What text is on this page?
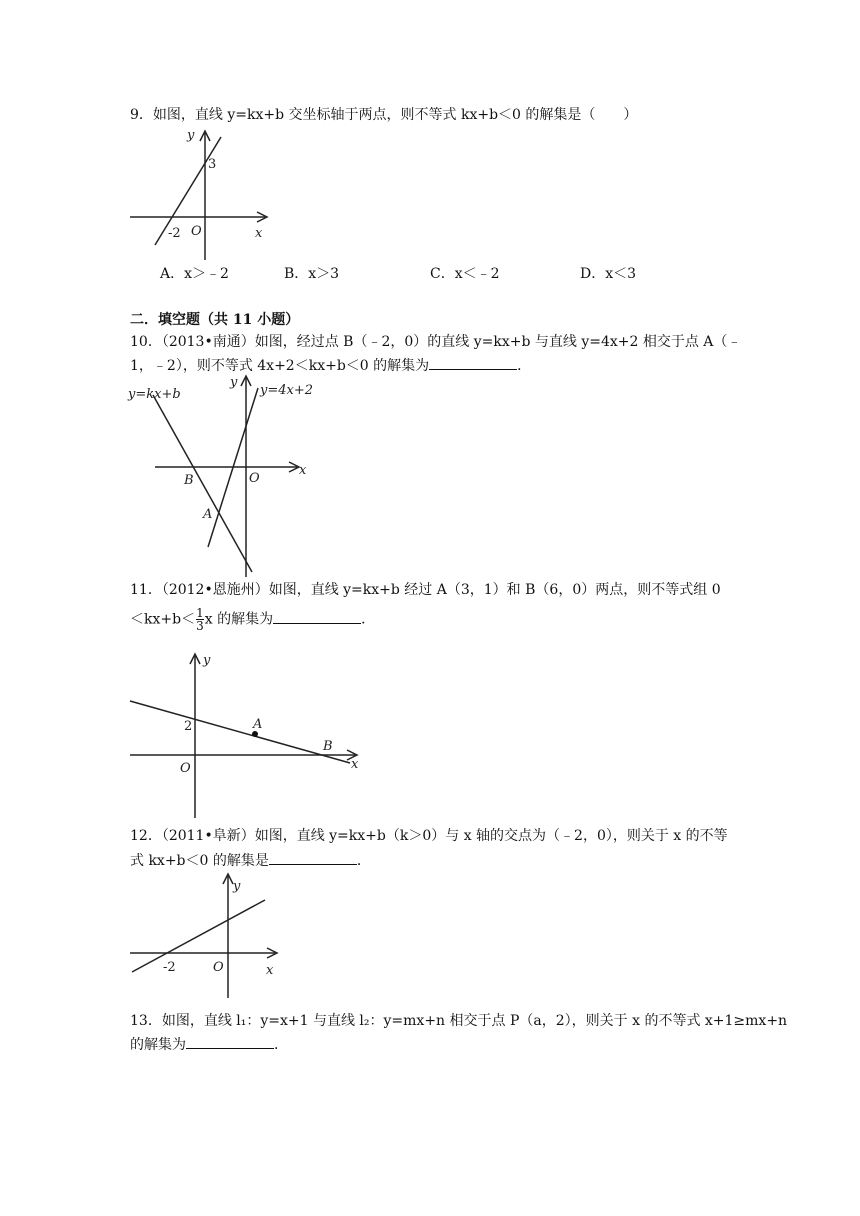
9．如图，直线 y=kx+b 交坐标轴于两点，则不等式 kx+b＜0 的解集是（　　）
y
3
-2 O	x
A．x＞﹣2	B．x＞3	C．x＜﹣2	D．x＜3
二．填空题（共 11 小题）
10．（2013•南通）如图，经过点 B（﹣2，0）的直线 y=kx+b 与直线 y=4x+2 相交于点 A（﹣
1，﹣2），则不等式 4x+2＜kx+b＜0 的解集为	．
y=kx+b	y=4x+2
y
x
O
B
A
11．（2012•恩施州）如图，直线 y=kx+b 经过 A（3，1）和 B（6，0）两点，则不等式组 0
$<kx+b< \frac{1}{3}$ x 的解集为	．
y
2	A
B
O	x
12．（2011•阜新）如图，直线 y=kx+b（k＞0）与 x 轴的交点为（﹣2，0），则关于 x 的不等
式 kx+b＜0 的解集是	．
y
-2	O	x
13．如图，直线 l₁：y=x+1 与直线 l₂：y=mx+n 相交于点 P（a，2），则关于 x 的不等式 x+1≥mx+n
的解集为	．
